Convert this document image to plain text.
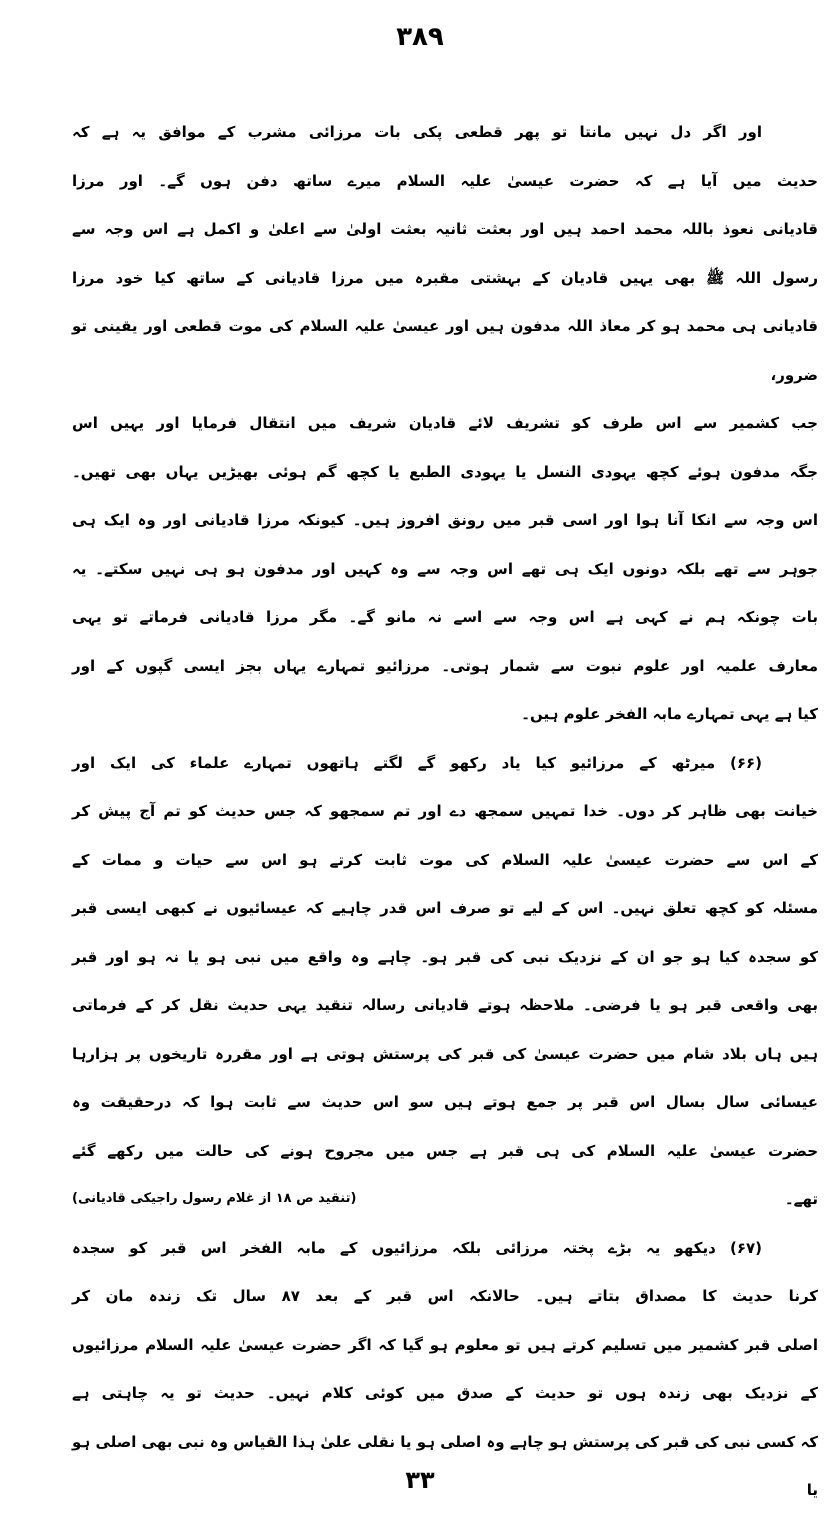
۳۸۹
اور اگر دل نہیں مانتا تو پھر قطعی پکی بات مرزائی مشرب کے موافق یہ ہے کہ
حدیث میں آیا ہے کہ حضرت عیسیٰ علیہ السلام میرے ساتھ دفن ہوں گے۔ اور مرزا
قادیانی نعوذ باللہ محمد احمد ہیں اور بعثت ثانیہ بعثت اولیٰ سے اعلیٰ و اکمل ہے اس وجہ سے
رسول اللہ ﷺ بھی یہیں قادیان کے بہشتی مقبرہ میں مرزا قادیانی کے ساتھ کیا خود مرزا
قادیانی ہی محمد ہو کر معاذ اللہ مدفون ہیں اور عیسیٰ علیہ السلام کی موت قطعی اور یقینی تو ضرور،
جب کشمیر سے اس طرف کو تشریف لائے قادیان شریف میں انتقال فرمایا اور یہیں اس
جگہ مدفون ہوئے کچھ یہودی النسل یا یہودی الطبع یا کچھ گم ہوئی بھیڑیں یہاں بھی تھیں۔
اس وجہ سے انکا آنا ہوا اور اسی قبر میں رونق افروز ہیں۔ کیونکہ مرزا قادیانی اور وہ ایک ہی
جوہر سے تھے بلکہ دونوں ایک ہی تھے اس وجہ سے وہ کہیں اور مدفون ہو ہی نہیں سکتے۔ یہ
بات چونکہ ہم نے کہی ہے اس وجہ سے اسے نہ مانو گے۔ مگر مرزا قادیانی فرماتے تو یہی
معارف علمیہ اور علوم نبوت سے شمار ہوتی۔ مرزائیو تمہارے یہاں بجز ایسی گپوں کے اور
کیا ہے یہی تمہارے مابہ الفخر علوم ہیں۔
(۶۶) میرٹھ کے مرزائیو کیا یاد رکھو گے لگتے ہاتھوں تمہارے علماء کی ایک اور
خیانت بھی ظاہر کر دوں۔ خدا تمہیں سمجھ دے اور تم سمجھو کہ جس حدیث کو تم آج پیش کر
کے اس سے حضرت عیسیٰ علیہ السلام کی موت ثابت کرتے ہو اس سے حیات و ممات کے
مسئلہ کو کچھ تعلق نہیں۔ اس کے لیے تو صرف اس قدر چاہیے کہ عیسائیوں نے کبھی ایسی قبر
کو سجدہ کیا ہو جو ان کے نزدیک نبی کی قبر ہو۔ چاہے وہ واقع میں نبی ہو یا نہ ہو اور قبر
بھی واقعی قبر ہو یا فرضی۔ ملاحظہ ہوتے قادیانی رسالہ تنقید یہی حدیث نقل کر کے فرماتی
ہیں ہاں بلاد شام میں حضرت عیسیٰ کی قبر کی پرستش ہوتی ہے اور مقررہ تاریخوں پر ہزارہا
عیسائی سال بسال اس قبر پر جمع ہوتے ہیں سو اس حدیث سے ثابت ہوا کہ درحقیقت وہ
حضرت عیسیٰ علیہ السلام کی ہی قبر ہے جس میں مجروح ہونے کی حالت میں رکھے گئے
تھے۔
(تنقید ص ۱۸ از غلام رسول راجیکی قادیانی)
(۶۷) دیکھو یہ بڑے پختہ مرزائی بلکہ مرزائیوں کے مابہ الفخر اس قبر کو سجدہ
کرنا حدیث کا مصداق بتاتے ہیں۔ حالانکہ اس قبر کے بعد ۸۷ سال تک زندہ مان کر
اصلی قبر کشمیر میں تسلیم کرتے ہیں تو معلوم ہو گیا کہ اگر حضرت عیسیٰ علیہ السلام مرزائیوں
کے نزدیک بھی زندہ ہوں تو حدیث کے صدق میں کوئی کلام نہیں۔ حدیث تو یہ چاہتی ہے
کہ کسی نبی کی قبر کی پرستش ہو چاہے وہ اصلی ہو یا نقلی علیٰ ہذا القیاس وہ نبی بھی اصلی ہو یا
۳۳
